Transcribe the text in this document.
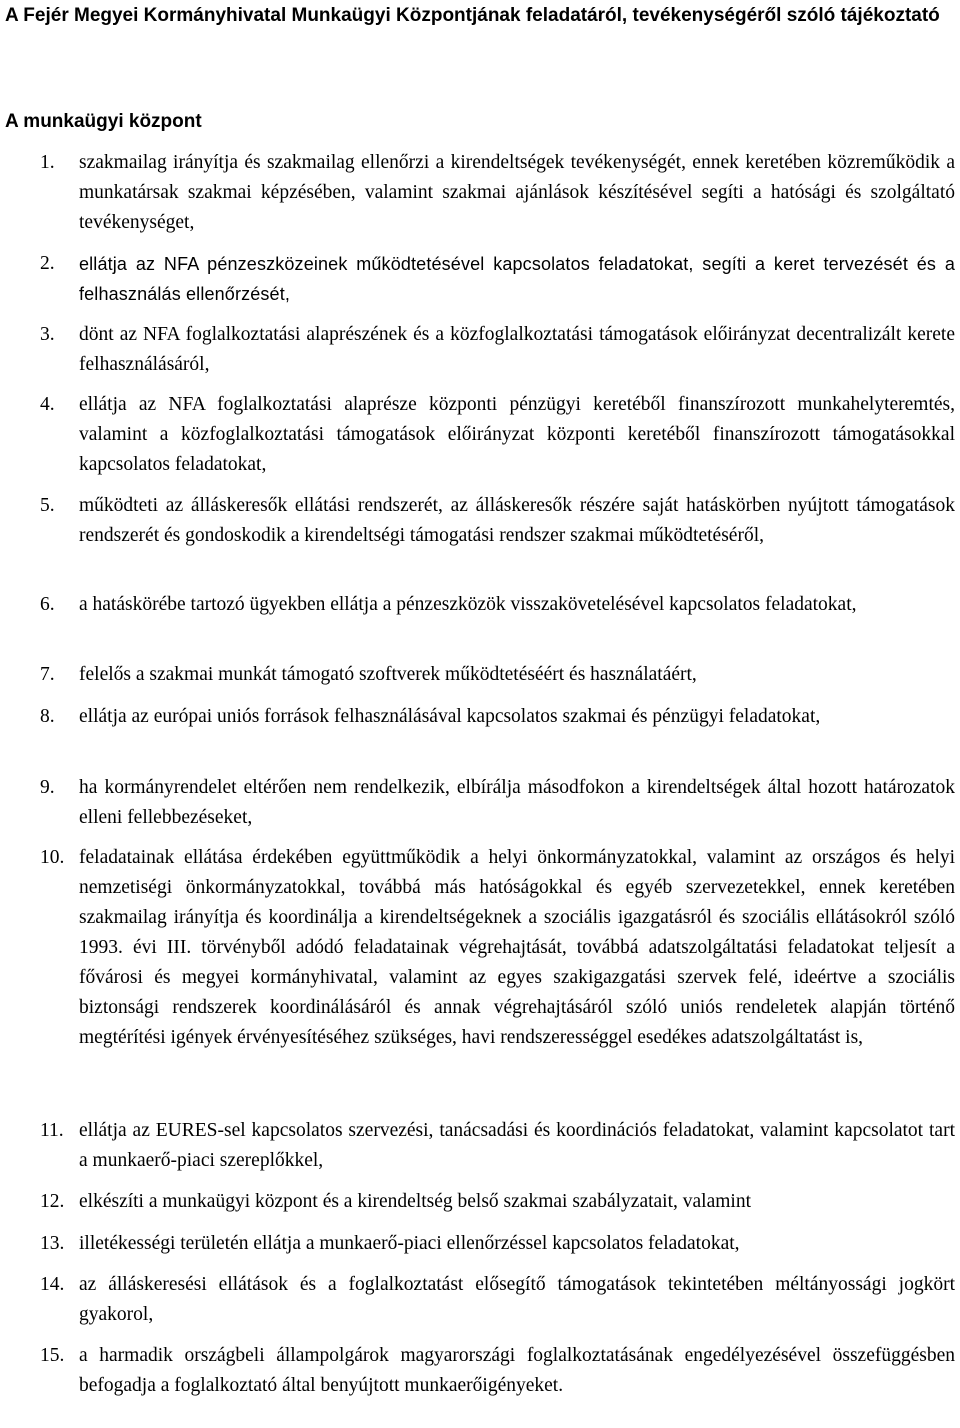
A Fejér Megyei Kormányhivatal Munkaügyi Központjának feladatáról, tevékenységéről szóló tájékoztató
A munkaügyi központ
1. szakmailag irányítja és szakmailag ellenőrzi a kirendeltségek tevékenységét, ennek keretében közreműködik a munkatársak szakmai képzésében, valamint szakmai ajánlások készítésével segíti a hatósági és szolgáltató tevékenységet,
2. ellátja az NFA pénzeszközeinek működtetésével kapcsolatos feladatokat, segíti a keret tervezését és a felhasználás ellenőrzését,
3. dönt az NFA foglalkoztatási alaprészének és a közfoglalkoztatási támogatások előirányzat decentralizált kerete felhasználásáról,
4. ellátja az NFA foglalkoztatási alaprésze központi pénzügyi keretéből finanszírozott munkahelyteremtés, valamint a közfoglalkoztatási támogatások előirányzat központi keretéből finanszírozott támogatásokkal kapcsolatos feladatokat,
5. működteti az álláskeresők ellátási rendszerét, az álláskeresők részére saját hatáskörben nyújtott támogatások rendszerét és gondoskodik a kirendeltségi támogatási rendszer szakmai működtetéséről,
6. a hatáskörébe tartozó ügyekben ellátja a pénzeszközök visszakövetelésével kapcsolatos feladatokat,
7. felelős a szakmai munkát támogató szoftverek működtetéséért és használatáért,
8. ellátja az európai uniós források felhasználásával kapcsolatos szakmai és pénzügyi feladatokat,
9. ha kormányrendelet eltérően nem rendelkezik, elbírálja másodfokon a kirendeltségek által hozott határozatok elleni fellebbezéseket,
10. feladatainak ellátása érdekében együttműködik a helyi önkormányzatokkal, valamint az országos és helyi nemzetiségi önkormányzatokkal, továbbá más hatóságokkal és egyéb szervezetekkel, ennek keretében szakmailag irányítja és koordinálja a kirendeltségeknek a szociális igazgatásról és szociális ellátásokról szóló 1993. évi III. törvényből adódó feladatainak végrehajtását, továbbá adatszolgáltatási feladatokat teljesít a fővárosi és megyei kormányhivatal, valamint az egyes szakigazgatási szervek felé, ideértve a szociális biztonsági rendszerek koordinálásáról és annak végrehajtásáról szóló uniós rendeletek alapján történő megtérítési igények érvényesítéséhez szükséges, havi rendszerességgel esedékes adatszolgáltatást is,
11. ellátja az EURES-sel kapcsolatos szervezési, tanácsadási és koordinációs feladatokat, valamint kapcsolatot tart a munkaerő-piaci szereplőkkel,
12. elkészíti a munkaügyi központ és a kirendeltség belső szakmai szabályzatait, valamint
13. illetékességi területén ellátja a munkaerő-piaci ellenőrzéssel kapcsolatos feladatokat,
14. az álláskeresési ellátások és a foglalkoztatást elősegítő támogatások tekintetében méltányossági jogkört gyakorol,
15. a harmadik országbeli állampolgárok magyarországi foglalkoztatásának engedélyezésével összefüggésben befogadja a foglalkoztató által benyújtott munkaerőigényeket.
